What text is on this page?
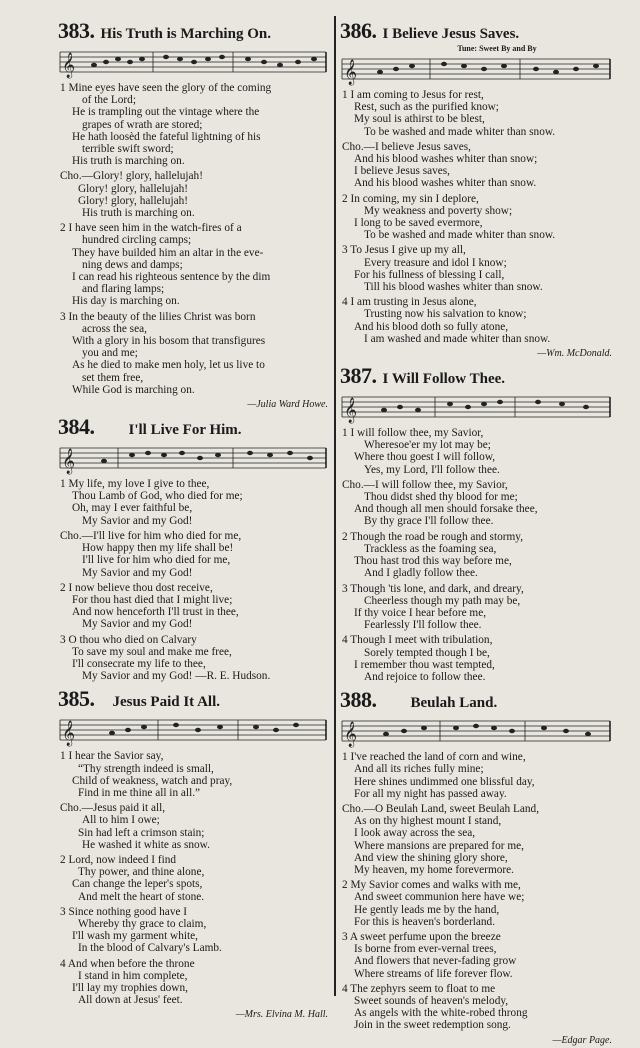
383. His Truth is Marching On.
𝄞
1 Mine eyes have seen the glory of the coming
of the Lord;
He is trampling out the vintage where the
grapes of wrath are stored;
He hath loosèd the fateful lightning of his
terrible swift sword;
His truth is marching on.
Cho.—Glory! glory, hallelujah!
Glory! glory, hallelujah!
Glory! glory, hallelujah!
His truth is marching on.
2 I have seen him in the watch-fires of a
hundred circling camps;
They have builded him an altar in the eve-
ning dews and damps;
I can read his righteous sentence by the dim
and flaring lamps;
His day is marching on.
3 In the beauty of the lilies Christ was born
across the sea,
With a glory in his bosom that transfigures
you and me;
As he died to make men holy, let us live to
set them free,
While God is marching on.
—Julia Ward Howe.
384. I'll Live For Him.
𝄞
1 My life, my love I give to thee,
Thou Lamb of God, who died for me;
Oh, may I ever faithful be,
My Savior and my God!
Cho.—I'll live for him who died for me,
How happy then my life shall be!
I'll live for him who died for me,
My Savior and my God!
2 I now believe thou dost receive,
For thou hast died that I might live;
And now henceforth I'll trust in thee,
My Savior and my God!
3 O thou who died on Calvary
To save my soul and make me free,
I'll consecrate my life to thee,
My Savior and my God! —R. E. Hudson.
385. Jesus Paid It All.
𝄞
1 I hear the Savior say,
“Thy strength indeed is small,
Child of weakness, watch and pray,
Find in me thine all in all.”
Cho.—Jesus paid it all,
All to him I owe;
Sin had left a crimson stain;
He washed it white as snow.
2 Lord, now indeed I find
Thy power, and thine alone,
Can change the leper's spots,
And melt the heart of stone.
3 Since nothing good have I
Whereby thy grace to claim,
I'll wash my garment white,
In the blood of Calvary's Lamb.
4 And when before the throne
I stand in him complete,
I'll lay my trophies down,
All down at Jesus' feet.
—Mrs. Elvina M. Hall.
386. I Believe Jesus Saves.
Tune: Sweet By and By
𝄞
1 I am coming to Jesus for rest,
Rest, such as the purified know;
My soul is athirst to be blest,
To be washed and made whiter than snow.
Cho.—I believe Jesus saves,
And his blood washes whiter than snow;
I believe Jesus saves,
And his blood washes whiter than snow.
2 In coming, my sin I deplore,
My weakness and poverty show;
I long to be saved evermore,
To be washed and made whiter than snow.
3 To Jesus I give up my all,
Every treasure and idol I know;
For his fullness of blessing I call,
Till his blood washes whiter than snow.
4 I am trusting in Jesus alone,
Trusting now his salvation to know;
And his blood doth so fully atone,
I am washed and made whiter than snow.
—Wm. McDonald.
387. I Will Follow Thee.
𝄞
1 I will follow thee, my Savior,
Wheresoe'er my lot may be;
Where thou goest I will follow,
Yes, my Lord, I'll follow thee.
Cho.—I will follow thee, my Savior,
Thou didst shed thy blood for me;
And though all men should forsake thee,
By thy grace I'll follow thee.
2 Though the road be rough and stormy,
Trackless as the foaming sea,
Thou hast trod this way before me,
And I gladly follow thee.
3 Though 'tis lone, and dark, and dreary,
Cheerless though my path may be,
If thy voice I hear before me,
Fearlessly I'll follow thee.
4 Though I meet with tribulation,
Sorely tempted though I be,
I remember thou wast tempted,
And rejoice to follow thee.
388. Beulah Land.
𝄞
1 I've reached the land of corn and wine,
And all its riches fully mine;
Here shines undimmed one blissful day,
For all my night has passed away.
Cho.—O Beulah Land, sweet Beulah Land,
As on thy highest mount I stand,
I look away across the sea,
Where mansions are prepared for me,
And view the shining glory shore,
My heaven, my home forevermore.
2 My Savior comes and walks with me,
And sweet communion here have we;
He gently leads me by the hand,
For this is heaven's borderland.
3 A sweet perfume upon the breeze
Is borne from ever-vernal trees,
And flowers that never-fading grow
Where streams of life forever flow.
4 The zephyrs seem to float to me
Sweet sounds of heaven's melody,
As angels with the white-robed throng
Join in the sweet redemption song.
—Edgar Page.
